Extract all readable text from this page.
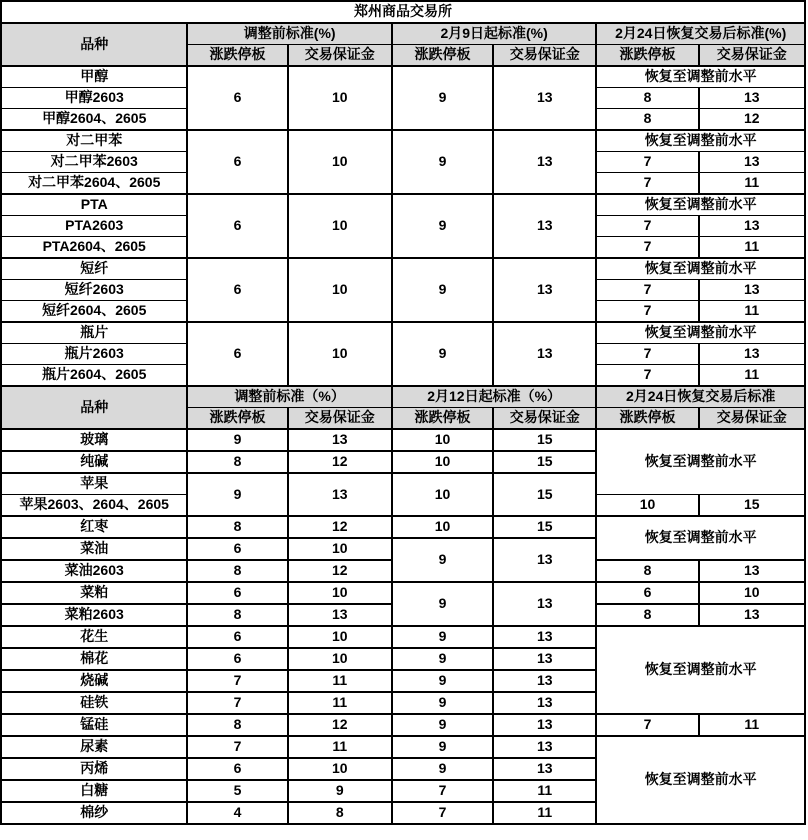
郑州商品交易所						
品种	调整前标准(%)		2月9日起标准(%)		2月24日恢复交易后标准(%)	
	涨跌停板	交易保证金	涨跌停板	交易保证金	涨跌停板	交易保证金
甲醇	6	10	9	13	恢复至调整前水平	
甲醇2603					8	13
甲醇2604、2605					8	12
对二甲苯	6	10	9	13	恢复至调整前水平	
对二甲苯2603					7	13
对二甲苯2604、2605					7	11
PTA	6	10	9	13	恢复至调整前水平	
PTA2603					7	13
PTA2604、2605					7	11
短纤	6	10	9	13	恢复至调整前水平	
短纤2603					7	13
短纤2604、2605					7	11
瓶片	6	10	9	13	恢复至调整前水平	
瓶片2603					7	13
瓶片2604、2605					7	11
品种	调整前标准（%）		2月12日起标准（%）		2月24日恢复交易后标准	
	涨跌停板	交易保证金	涨跌停板	交易保证金	涨跌停板	交易保证金
玻璃	9	13	10	15	恢复至调整前水平	
纯碱	8	12	10	15		
苹果	9	13	10	15		
苹果2603、2604、2605					10	15
红枣	8	12	10	15	恢复至调整前水平	
菜油	6	10	9	13		
菜油2603	8	12			8	13
菜粕	6	10	9	13	6	10
菜粕2603	8	13			8	13
花生	6	10	9	13	恢复至调整前水平	
棉花	6	10	9	13		
烧碱	7	11	9	13		
硅铁	7	11	9	13		
锰硅	8	12	9	13	7	11
尿素	7	11	9	13	恢复至调整前水平	
丙烯	6	10	9	13		
白糖	5	9	7	11		
棉纱	4	8	7	11		
